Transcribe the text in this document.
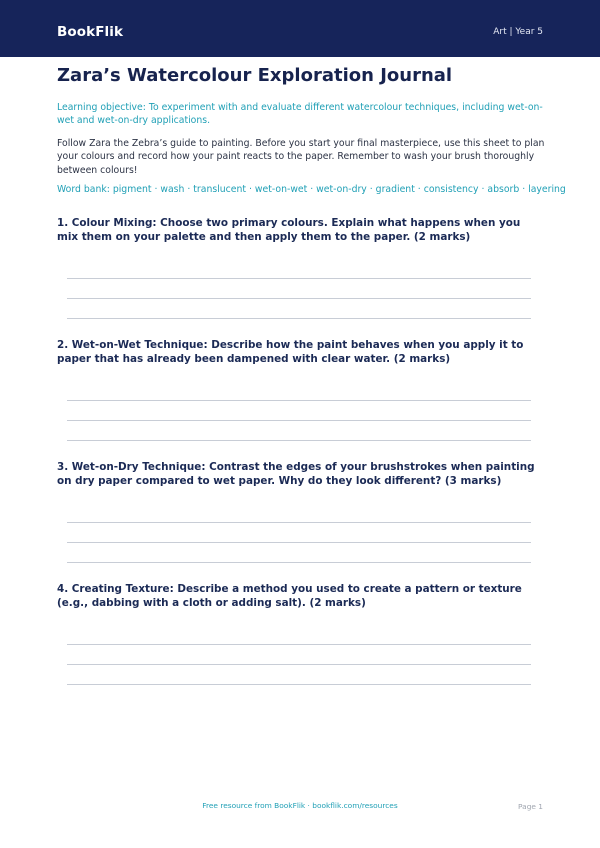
BookFlik	Art | Year 5
Zara’s Watercolour Exploration Journal
Learning objective: To experiment with and evaluate different watercolour techniques, including wet-on-wet and wet-on-dry applications.
Follow Zara the Zebra’s guide to painting. Before you start your final masterpiece, use this sheet to plan your colours and record how your paint reacts to the paper. Remember to wash your brush thoroughly between colours!
Word bank: pigment · wash · translucent · wet-on-wet · wet-on-dry · gradient · consistency · absorb · layering
1. Colour Mixing: Choose two primary colours. Explain what happens when you mix them on your palette and then apply them to the paper. (2 marks)
2. Wet-on-Wet Technique: Describe how the paint behaves when you apply it to paper that has already been dampened with clear water. (2 marks)
3. Wet-on-Dry Technique: Contrast the edges of your brushstrokes when painting on dry paper compared to wet paper. Why do they look different? (3 marks)
4. Creating Texture: Describe a method you used to create a pattern or texture (e.g., dabbing with a cloth or adding salt). (2 marks)
Free resource from BookFlik · bookflik.com/resources	Page 1
